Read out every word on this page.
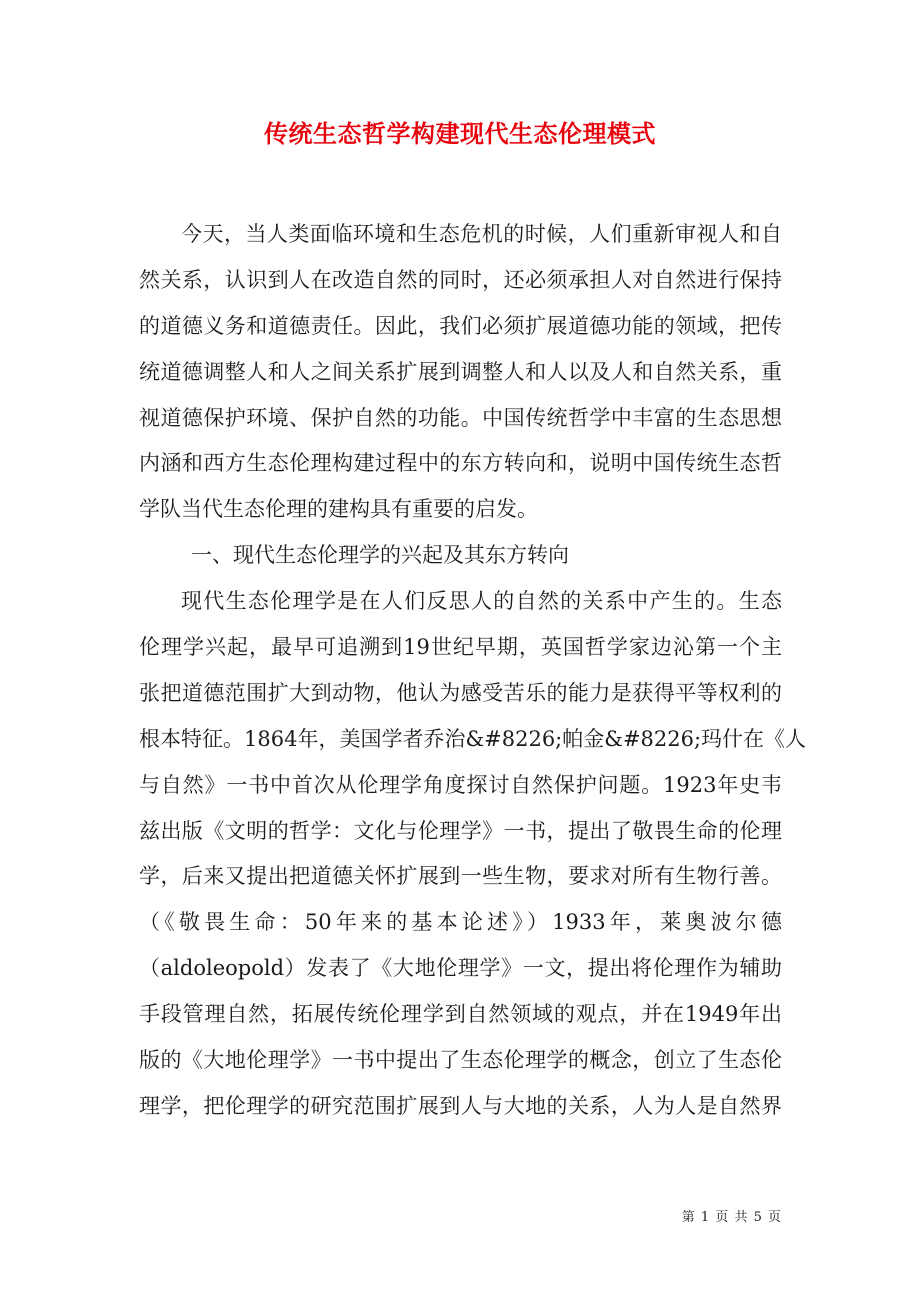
传统生态哲学构建现代生态伦理模式
今天，当人类面临环境和生态危机的时候，人们重新审视人和自
然关系，认识到人在改造自然的同时，还必须承担人对自然进行保持
的道德义务和道德责任。因此，我们必须扩展道德功能的领域，把传
统道德调整人和人之间关系扩展到调整人和人以及人和自然关系，重
视道德保护环境、保护自然的功能。中国传统哲学中丰富的生态思想
内涵和西方生态伦理构建过程中的东方转向和，说明中国传统生态哲
学队当代生态伦理的建构具有重要的启发。
一、现代生态伦理学的兴起及其东方转向
现代生态伦理学是在人们反思人的自然的关系中产生的。生态
伦理学兴起，最早可追溯到19世纪早期，英国哲学家边沁第一个主
张把道德范围扩大到动物，他认为感受苦乐的能力是获得平等权利的
根本特征。1864年，美国学者乔治&#8226;帕金&#8226;玛什在《人
与自然》一书中首次从伦理学角度探讨自然保护问题。1923年史韦
兹出版《文明的哲学：文化与伦理学》一书，提出了敬畏生命的伦理
学，后来又提出把道德关怀扩展到一些生物，要求对所有生物行善。
（《敬畏生命：50年来的基本论述》）1933年，莱奥波尔德
（aldoleopold）发表了《大地伦理学》一文，提出将伦理作为辅助
手段管理自然，拓展传统伦理学到自然领域的观点，并在1949年出
版的《大地伦理学》一书中提出了生态伦理学的概念，创立了生态伦
理学，把伦理学的研究范围扩展到人与大地的关系，人为人是自然界
第 1 页 共 5 页
